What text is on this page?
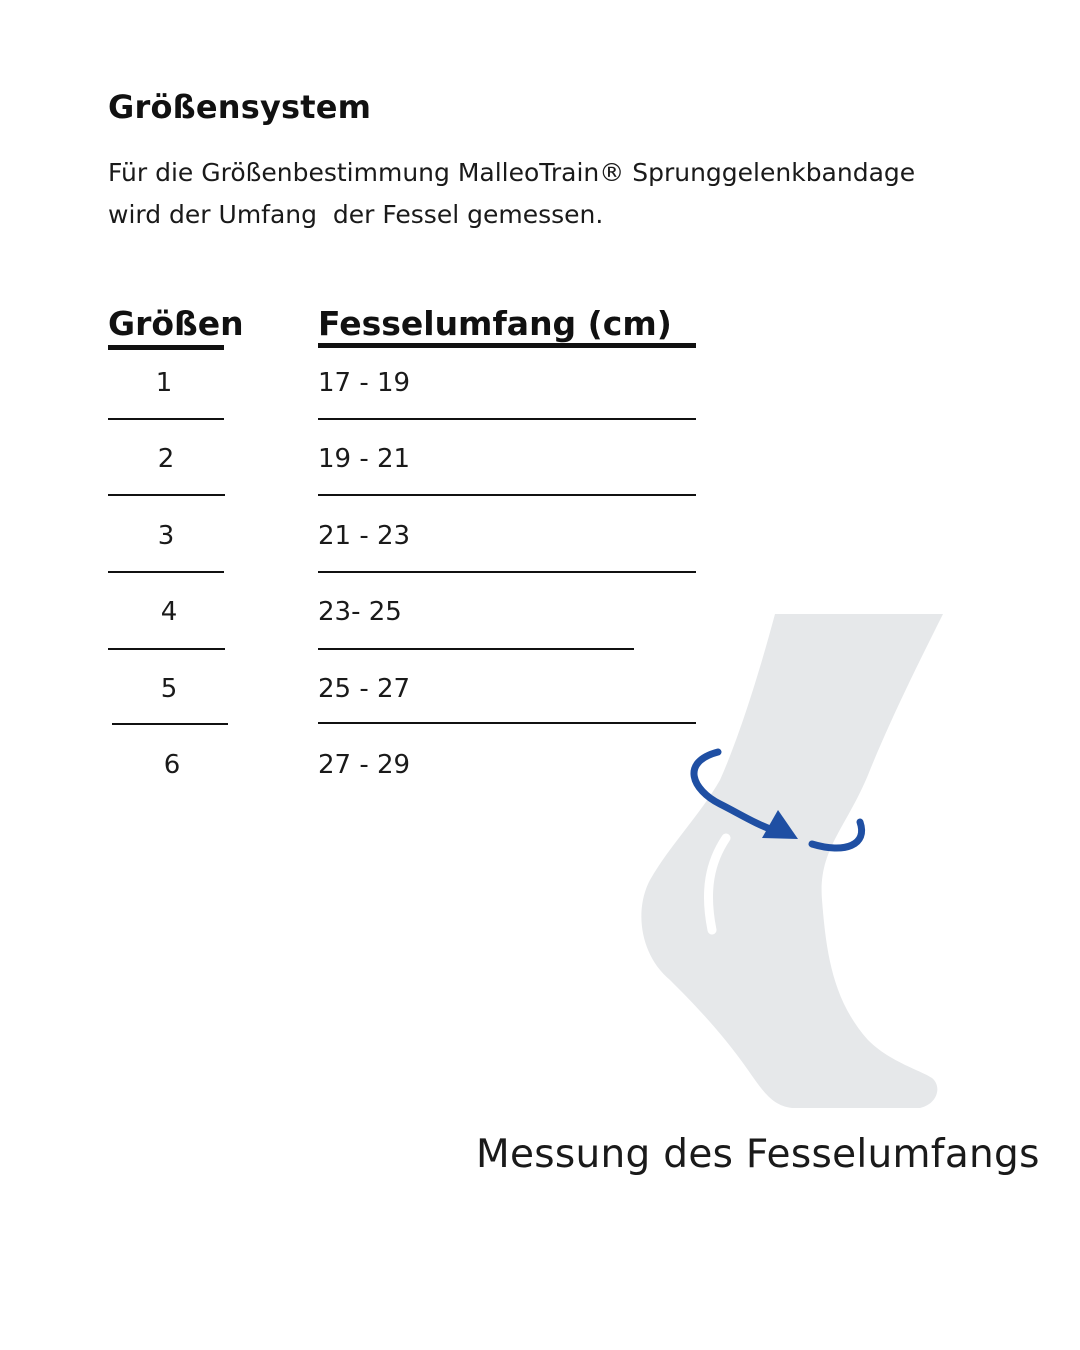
Größensystem
Für die Größenbestimmung MalleoTrain® Sprunggelenkbandage
wird der Umfang  der Fessel gemessen.
Größen Fesselumfang (cm)
1	17 - 19
2	19 - 21
3	21 - 23
4	23- 25
5	25 - 27
6	27 - 29
Messung des Fesselumfangs
